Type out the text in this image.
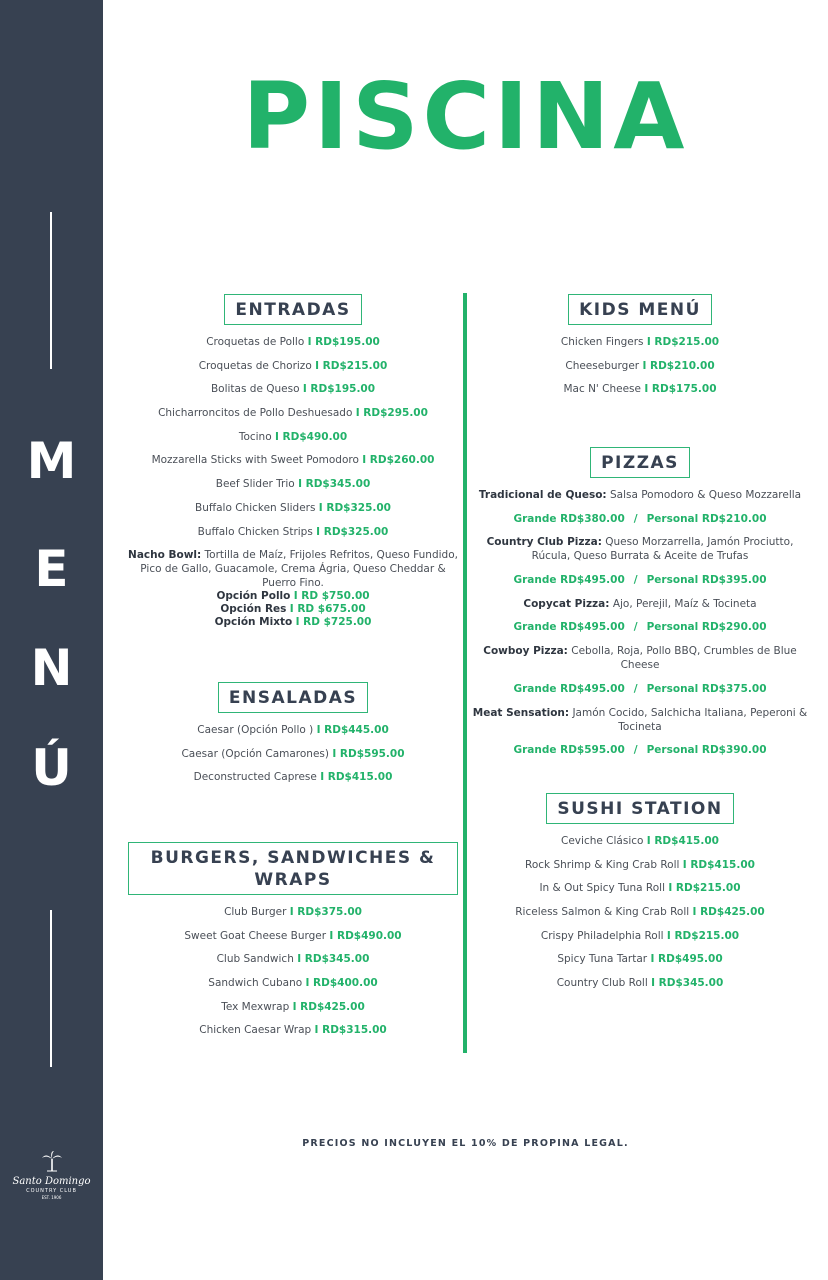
M
E
N
Ú
Santo Domingo
COUNTRY CLUB
EST. 1906
PISCINA
ENTRADAS
Croquetas de Pollo I RD$195.00
Croquetas de Chorizo I RD$215.00
Bolitas de Queso I RD$195.00
Chicharroncitos de Pollo Deshuesado I RD$295.00
Tocino I RD$490.00
Mozzarella Sticks with Sweet Pomodoro I RD$260.00
Beef Slider Trio I RD$345.00
Buffalo Chicken Sliders I RD$325.00
Buffalo Chicken Strips I RD$325.00
Nacho Bowl: Tortilla de Maíz, Frijoles Refritos, Queso Fundido, Pico de Gallo, Guacamole, Crema Ágria, Queso Cheddar & Puerro Fino.
Opción Pollo I RD $750.00
Opción Res I RD $675.00
Opción Mixto I RD $725.00
ENSALADAS
Caesar (Opción Pollo ) I RD$445.00
Caesar (Opción Camarones) I RD$595.00
Deconstructed Caprese I RD$415.00
BURGERS, SANDWICHES & WRAPS
Club Burger I RD$375.00
Sweet Goat Cheese Burger I RD$490.00
Club Sandwich I RD$345.00
Sandwich Cubano I RD$400.00
Tex Mexwrap I RD$425.00
Chicken Caesar Wrap I RD$315.00
KIDS MENÚ
Chicken Fingers I RD$215.00
Cheeseburger I RD$210.00
Mac N' Cheese I RD$175.00
PIZZAS
Tradicional de Queso: Salsa Pomodoro & Queso Mozzarella
Grande RD$380.00 / Personal RD$210.00
Country Club Pizza: Queso Morzarrella, Jamón Prociutto, Rúcula, Queso Burrata & Aceite de Trufas
Grande RD$495.00 / Personal RD$395.00
Copycat Pizza: Ajo, Perejil, Maíz & Tocineta
Grande RD$495.00 / Personal RD$290.00
Cowboy Pizza: Cebolla, Roja, Pollo BBQ, Crumbles de Blue Cheese
Grande RD$495.00 / Personal RD$375.00
Meat Sensation: Jamón Cocido, Salchicha Italiana, Peperoni & Tocineta
Grande RD$595.00 / Personal RD$390.00
SUSHI STATION
Ceviche Clásico I RD$415.00
Rock Shrimp & King Crab Roll I RD$415.00
In & Out Spicy Tuna Roll I RD$215.00
Riceless Salmon & King Crab Roll I RD$425.00
Crispy Philadelphia Roll I RD$215.00
Spicy Tuna Tartar I RD$495.00
Country Club Roll I RD$345.00
PRECIOS NO INCLUYEN EL 10% DE PROPINA LEGAL.
